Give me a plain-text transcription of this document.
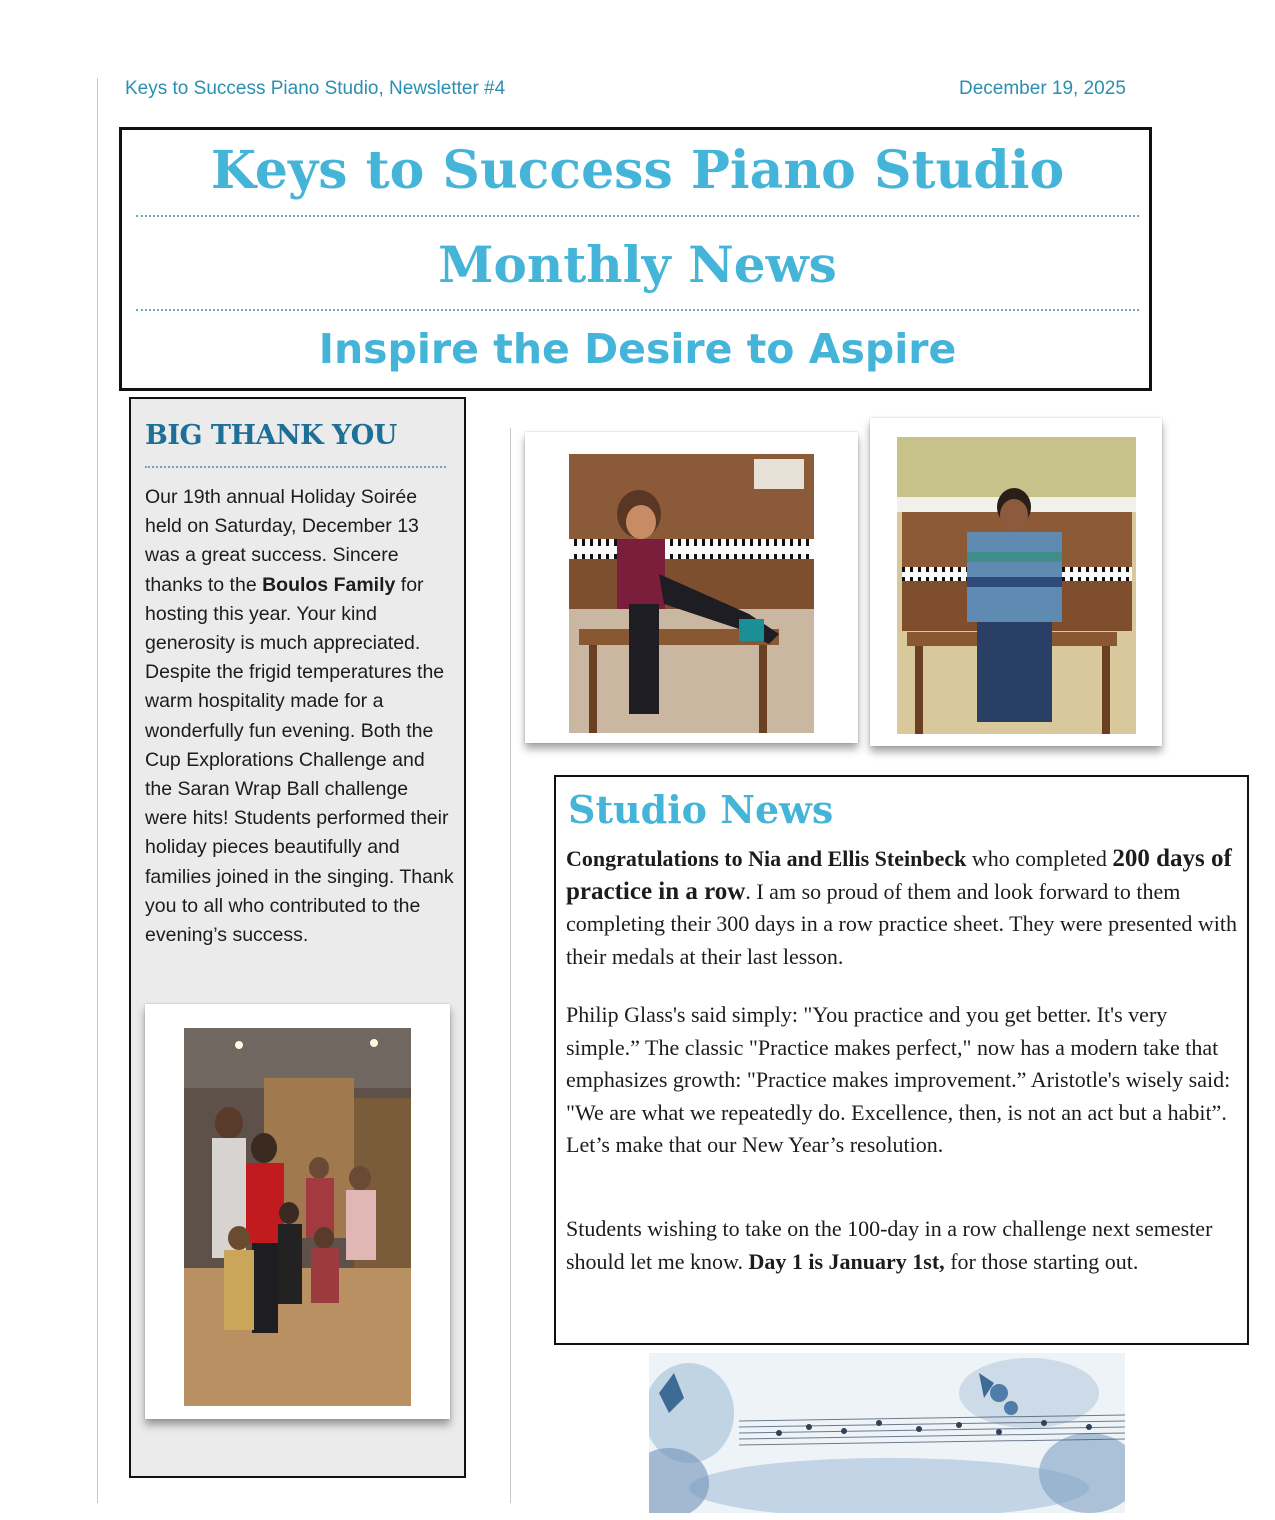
Keys to Success Piano Studio, Newsletter #4	December 19, 2025
Keys to Success Piano Studio
Monthly News
Inspire the Desire to Aspire
BIG THANK YOU
Our 19th annual Holiday Soirée held on Saturday, December 13 was a great success. Sincere thanks to the Boulos Family for hosting this year. Your kind generosity is much appreciated. Despite the frigid temperatures the warm hospitality made for a wonderfully fun evening. Both the Cup Explorations Challenge and the Saran Wrap Ball challenge were hits! Students performed their holiday pieces beautifully and families joined in the singing. Thank you to all who contributed to the evening’s success.
Studio News
Congratulations to Nia and Ellis Steinbeck who completed 200 days of practice in a row. I am so proud of them and look forward to them completing their 300 days in a row practice sheet. They were presented with their medals at their last lesson.
Philip Glass's said simply: "You practice and you get better. It's very simple.” The classic "Practice makes perfect," now has a modern take that emphasizes growth: "Practice makes improvement.” Aristotle's wisely said: "We are what we repeatedly do. Excellence, then, is not an act but a habit”. Let’s make that our New Year’s resolution.
Students wishing to take on the 100-day in a row challenge next semester should let me know. Day 1 is January 1st, for those starting out.
